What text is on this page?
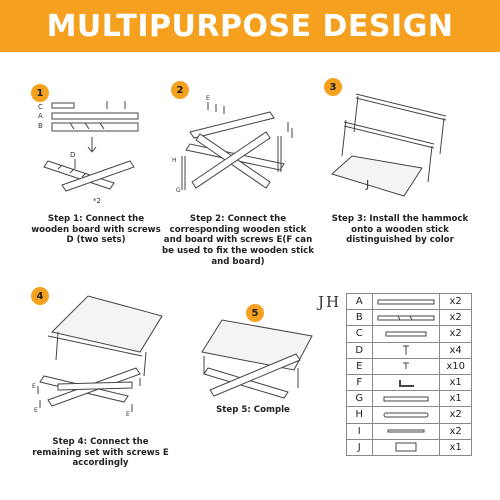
MULTIPURPOSE DESIGN
1
C
A
B
D
*2
Step 1: Connect the wooden board with screws D (two sets)
2
E
H
G
Step 2: Connect the corresponding wooden stick and board with screws E(F can be used to fix the wooden stick and board)
3
J
Step 3: Install the hammock onto a wooden stick distinguished by color
4
E
E
E
Step 4: Connect the remaining set with screws E accordingly
5
Step 5: Comple
JH A		x2
B		x2
C		x2
D		x4
E		x10
F		x1
G		x1
H		x2
I		x2
J		x1
